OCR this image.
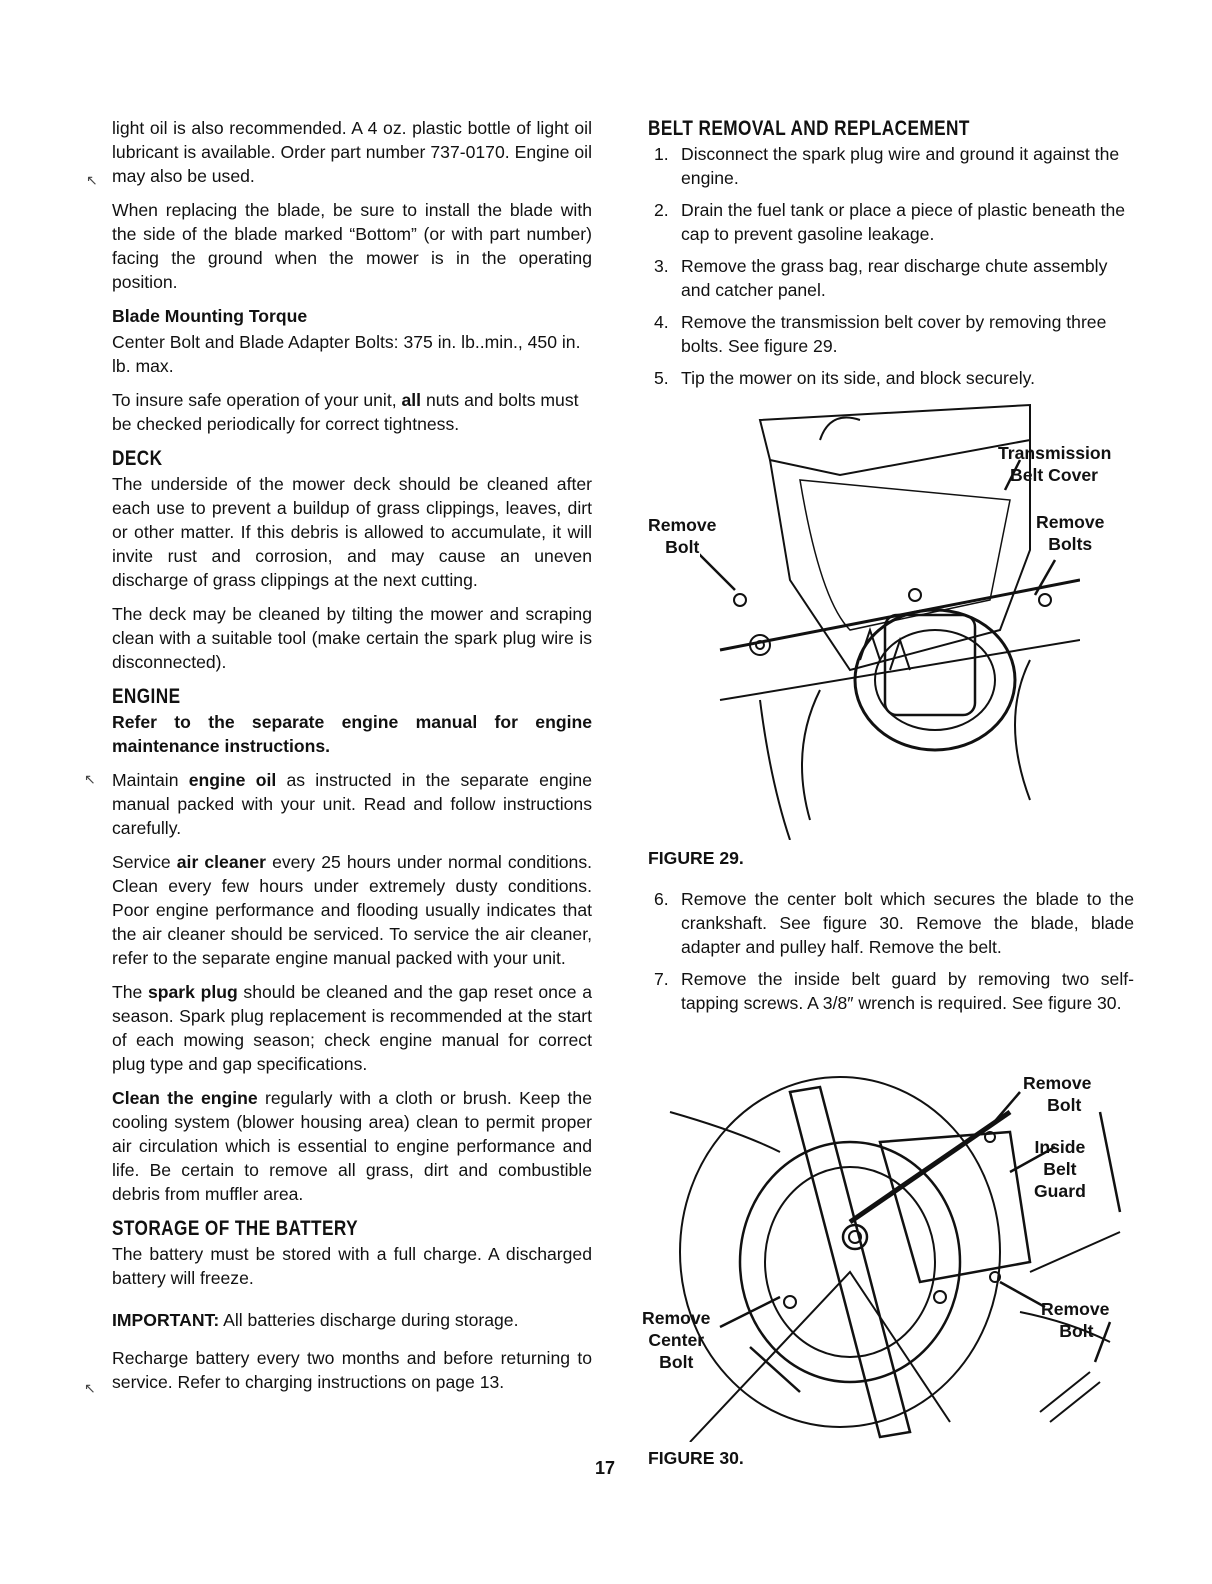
light oil is also recommended. A 4 oz. plastic bottle of light oil lubricant is available. Order part number 737-0170. Engine oil may also be used.

When replacing the blade, be sure to install the blade with the side of the blade marked “Bottom” (or with part number) facing the ground when the mower is in the operating position.

Blade Mounting Torque

Center Bolt and Blade Adapter Bolts: 375 in. lb..min., 450 in. lb. max.

To insure safe operation of your unit, all nuts and bolts must be checked periodically for correct tightness.

DECK

The underside of the mower deck should be cleaned after each use to prevent a buildup of grass clippings, leaves, dirt or other matter. If this debris is allowed to accumulate, it will invite rust and corrosion, and may cause an uneven discharge of grass clippings at the next cutting.

The deck may be cleaned by tilting the mower and scraping clean with a suitable tool (make certain the spark plug wire is disconnected).

ENGINE
Refer to the separate engine manual for engine maintenance instructions.

Maintain engine oil as instructed in the separate engine manual packed with your unit. Read and follow instructions carefully.

Service air cleaner every 25 hours under normal conditions. Clean every few hours under extremely dusty conditions. Poor engine performance and flooding usually indicates that the air cleaner should be serviced. To service the air cleaner, refer to the separate engine manual packed with your unit.

The spark plug should be cleaned and the gap reset once a season. Spark plug replacement is recommended at the start of each mowing season; check engine manual for correct plug type and gap specifications.

Clean the engine regularly with a cloth or brush. Keep the cooling system (blower housing area) clean to permit proper air circulation which is essential to engine performance and life. Be certain to remove all grass, dirt and combustible debris from muffler area.

STORAGE OF THE BATTERY

The battery must be stored with a full charge. A discharged battery will freeze.

IMPORTANT: All batteries discharge during storage.

Recharge battery every two months and before returning to service. Refer to charging instructions on page 13.

↖
↖
↖
BELT REMOVAL AND REPLACEMENT
1. Disconnect the spark plug wire and ground it against the engine.
2. Drain the fuel tank or place a piece of plastic beneath the cap to prevent gasoline leakage.
3. Remove the grass bag, rear discharge chute assembly and catcher panel.
4. Remove the transmission belt cover by removing three bolts. See figure 29.
5. Tip the mower on its side, and block securely.
Transmission
Belt Cover
Remove
Bolt
Remove
Bolts
FIGURE 29.
6. Remove the center bolt which secures the blade to the crankshaft. See figure 30. Remove the blade, blade adapter and pulley half. Remove the belt.
7. Remove the inside belt guard by removing two self-tapping screws. A 3/8″ wrench is required. See figure 30.
Remove
Bolt
Inside
Belt
Guard
Remove
Center
Bolt
Remove
Bolt
FIGURE 30.
17
